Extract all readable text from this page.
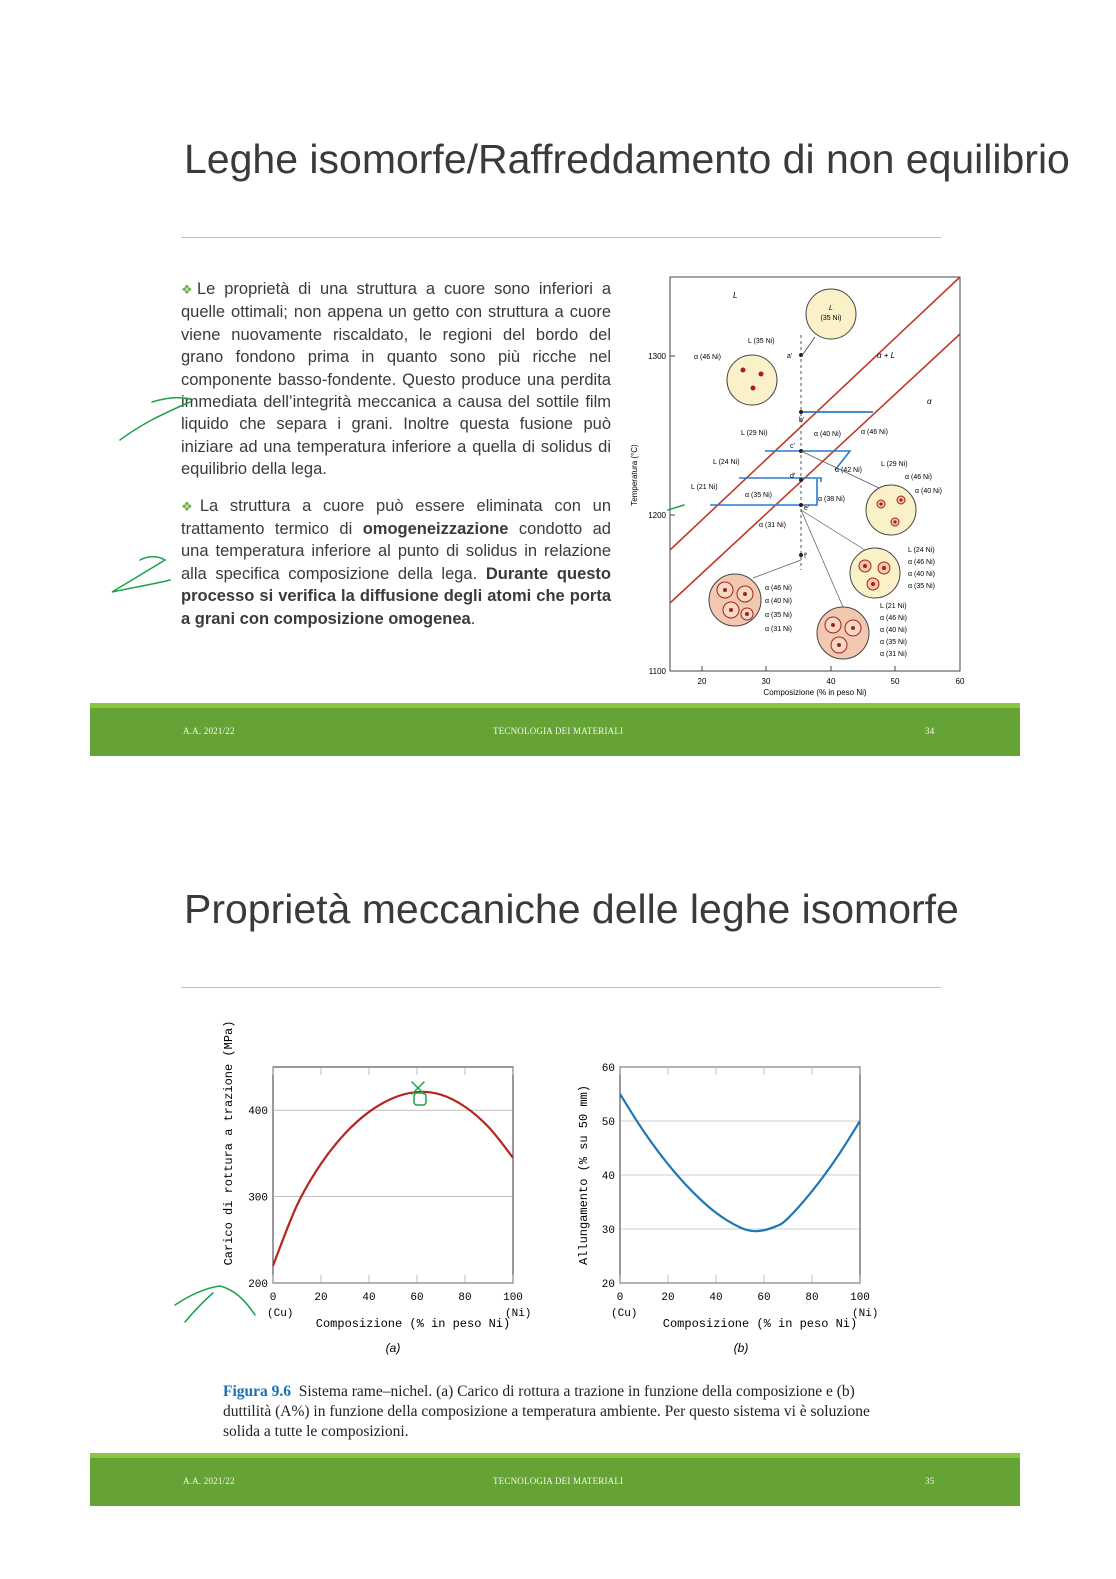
Leghe isomorfe/Raffreddamento di non equilibrio

❖Le proprietà di una struttura a cuore sono inferiori a quelle ottimali; non appena un getto con struttura a cuore viene nuovamente riscaldato, le regioni del bordo del grano fondono prima in quanto sono più ricche nel componente basso-fondente. Questo produce una perdita immediata dell’integrità meccanica a causa del sottile film liquido che separa i grani. Inoltre questa fusione può iniziare ad una temperatura inferiore a quella di solidus di equilibrio della lega.

❖La struttura a cuore può essere eliminata con un trattamento termico di omogeneizzazione condotto ad una temperatura inferiore al punto di solidus in relazione alla specifica composizione della lega. Durante questo processo si verifica la diffusione degli atomi che porta a grani con composizione omogenea.

1300
1200
1100
20	30	40	50	60
Composizione (% in peso Ni)
Temperatura (°C)
L
α + L
α
a'
b'
c'
d'
e'
f'
L
(35 Ni)
L (35 Ni)
α (46 Ni)
L (29 Ni)	α (40 Ni)	α (46 Ni)
L (24 Ni)
α (42 Ni)
L (21 Ni)
α (35 Ni)
α (38 Ni)
α (31 Ni)
L (29 Ni)
α (46 Ni)
α (40 Ni)
L (24 Ni)
α (46 Ni)
α (40 Ni)
α (35 Ni)
α (46 Ni)
α (40 Ni)
α (35 Ni)
α (31 Ni)
L (21 Ni)
α (46 Ni)
α (40 Ni)
α (35 Ni)
α (31 Ni)
A.A. 2021/22	TECNOLOGIA DEI MATERIALI	34
Proprietà meccaniche delle leghe isomorfe
200
300
400
0	20	40	60	80	100
(Cu)	(Ni)
Composizione (% in peso Ni)
Carico di rottura a trazione (MPa)
(a)
20
30
40
50
60
0	20	40	60	80	100
(Cu)	(Ni)
Composizione (% in peso Ni)
Allungamento (% su 50 mm)
(b)
Figura 9.6 Sistema rame–nichel. (a) Carico di rottura a trazione in funzione della composizione e (b) duttilità (A%) in funzione della composizione a temperatura ambiente. Per questo sistema vi è soluzione solida a tutte le composizioni.
A.A. 2021/22	TECNOLOGIA DEI MATERIALI	35
